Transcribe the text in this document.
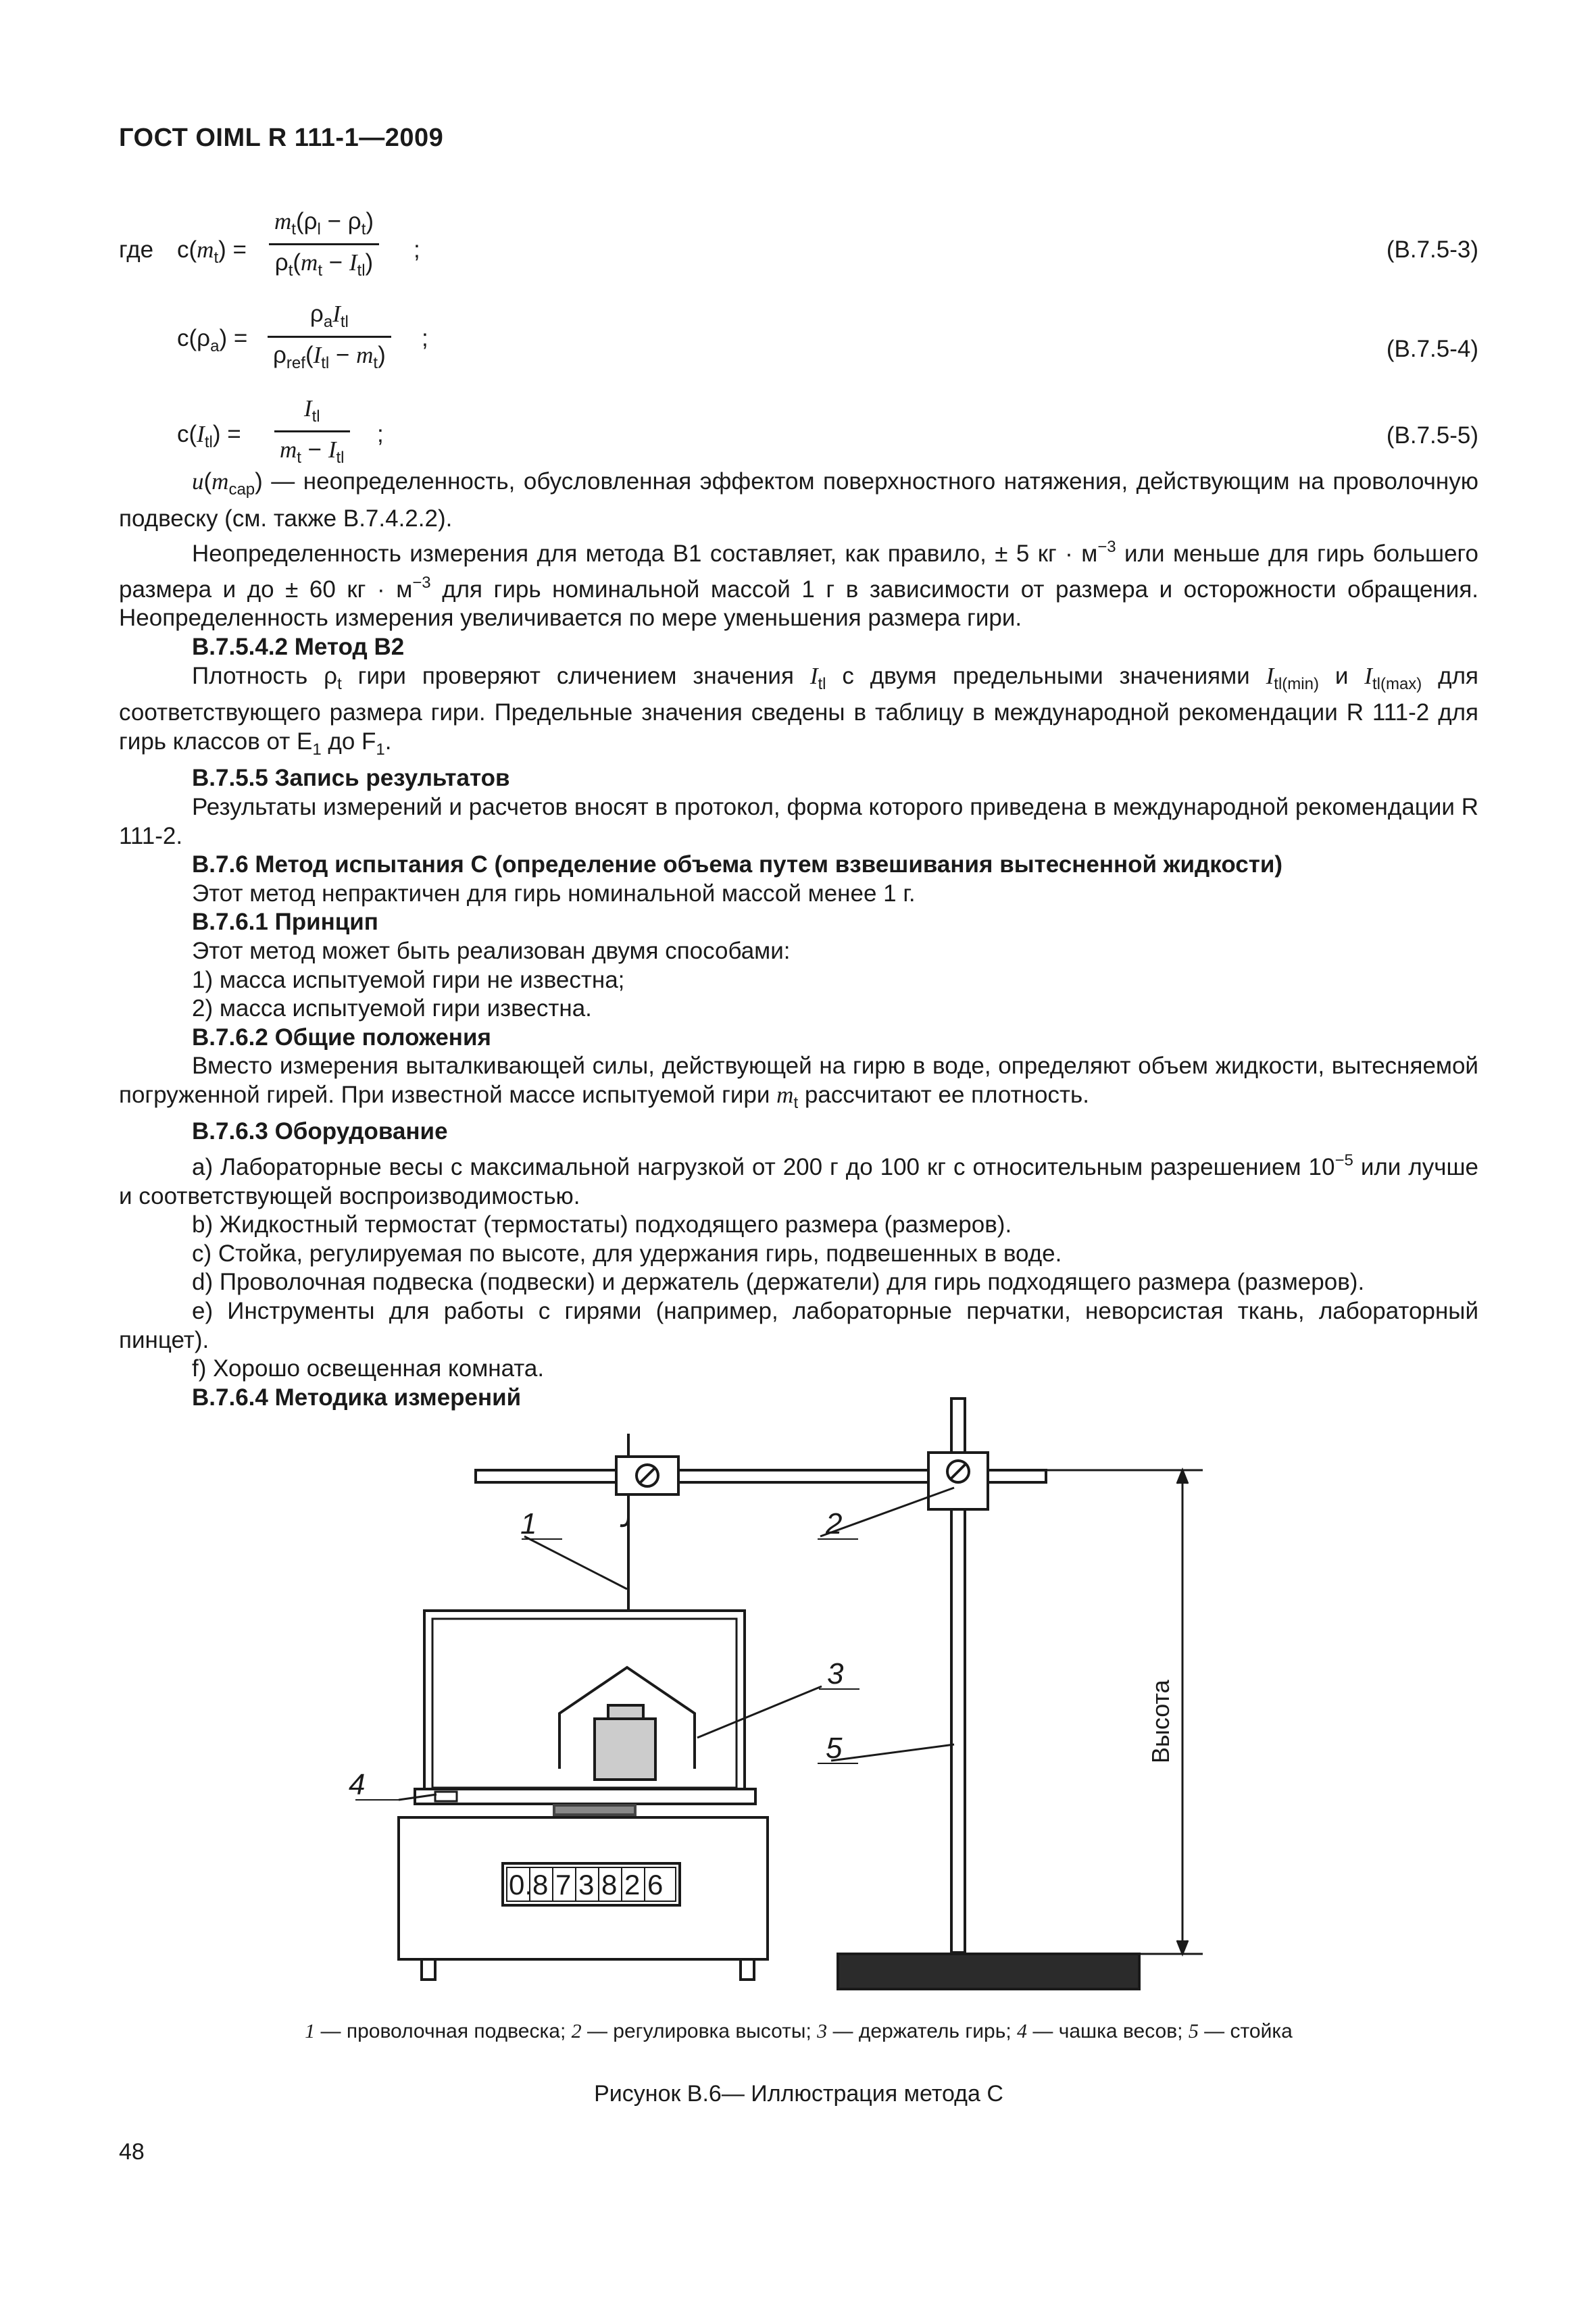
ГОСТ OIML R 111-1—2009
где $c(m_t)$ =
$m_t(\rho_l - \rho_t)$
$\rho_t(m_t - I_{tl})$ ;	(B.7.5-3)
$c(\rho_a)$ =
$\rho_aI_{tl}$
$\rho_{ref}(I_{tl} - m_t)$
;	(B.7.5-4)
$c(I_{tl})$ =
$I_{tl}$
$m_t - I_{tl}$
;	(B.7.5-5)

$u(m_{cap})$ — неопределенность, обусловленная эффектом поверхностного натяжения, действующим на проволочную подвеску (см. также B.7.4.2.2).

Неопределенность измерения для метода B1 составляет, как правило, ± 5 кг · $м^{-3}$ или меньше для гирь большего размера и до ± 60 кг · $м^{-3}$ для гирь номинальной массой 1 г в зависимости от размера и осторожности обращения. Неопределенность измерения увеличивается по мере уменьшения размера гири.

B.7.5.4.2 Метод B2

Плотность $\rho_t$ гири проверяют сличением значения $I_{tl}$ с двумя предельными значениями $I_{tl(min)}$ и $I_{tl(max)}$ для соответствующего размера гири. Предельные значения сведены в таблицу в международной рекомендации R 111-2 для гирь классов от $E_1$ до $F_1$.

B.7.5.5 Запись результатов

Результаты измерений и расчетов вносят в протокол, форма которого приведена в международной рекомендации R 111-2.

B.7.6 Метод испытания C (определение объема путем взвешивания вытесненной жидкости)

Этот метод непрактичен для гирь номинальной массой менее 1 г.

B.7.6.1 Принцип

Этот метод может быть реализован двумя способами:

1) масса испытуемой гири не известна;

2) масса испытуемой гири известна.

B.7.6.2 Общие положения

Вместо измерения выталкивающей силы, действующей на гирю в воде, определяют объем жидкости, вытесняемой погруженной гирей. При известной массе испытуемой гири $m_t$ рассчитают ее плотность.

B.7.6.3 Оборудование

a) Лабораторные весы с максимальной нагрузкой от 200 г до 100 кг с относительным разрешением $10^{-5}$ или лучше и соответствующей воспроизводимостью.

b) Жидкостный термостат (термостаты) подходящего размера (размеров).

c) Стойка, регулируемая по высоте, для удержания гирь, подвешенных в воде.

d) Проволочная подвеска (подвески) и держатель (держатели) для гирь подходящего размера (размеров).

e) Инструменты для работы с гирями (например, лабораторные перчатки, неворсистая ткань, лабораторный пинцет).

f) Хорошо освещенная комната.

B.7.6.4 Методика измерений

1	2
3
4
5	Высота
0. 8 7 3 8 2 6
1 — проволочная подвеска; 2 — регулировка высоты; 3 — держатель гирь; 4 — чашка весов; 5 — стойка
Рисунок B.6— Иллюстрация метода C
48
